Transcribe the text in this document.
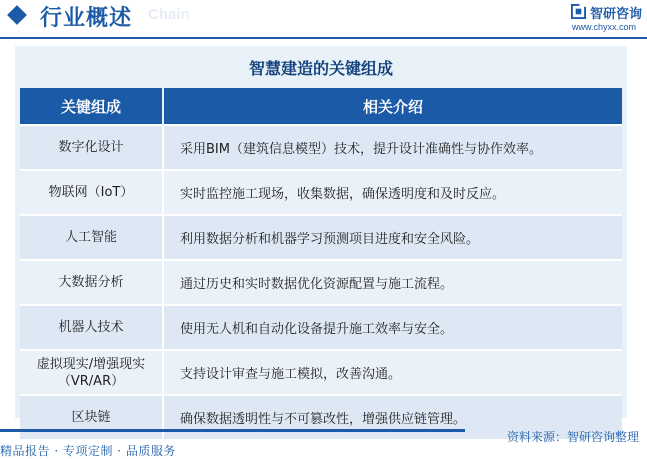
行业概述 Chain	智研咨询
www.chyxx.com
智慧建造的关键组成
关键组成	相关介绍
数字化设计	采用BIM（建筑信息模型）技术，提升设计准确性与协作效率。
物联网（IoT）	实时监控施工现场，收集数据，确保透明度和及时反应。
人工智能	利用数据分析和机器学习预测项目进度和安全风险。
大数据分析	通过历史和实时数据优化资源配置与施工流程。
机器人技术	使用无人机和自动化设备提升施工效率与安全。
虚拟现实/增强现实（VR/AR）	支持设计审查与施工模拟，改善沟通。
区块链	确保数据透明性与不可篡改性，增强供应链管理。
精品报告 · 专项定制 · 品质服务
资料来源：智研咨询整理
